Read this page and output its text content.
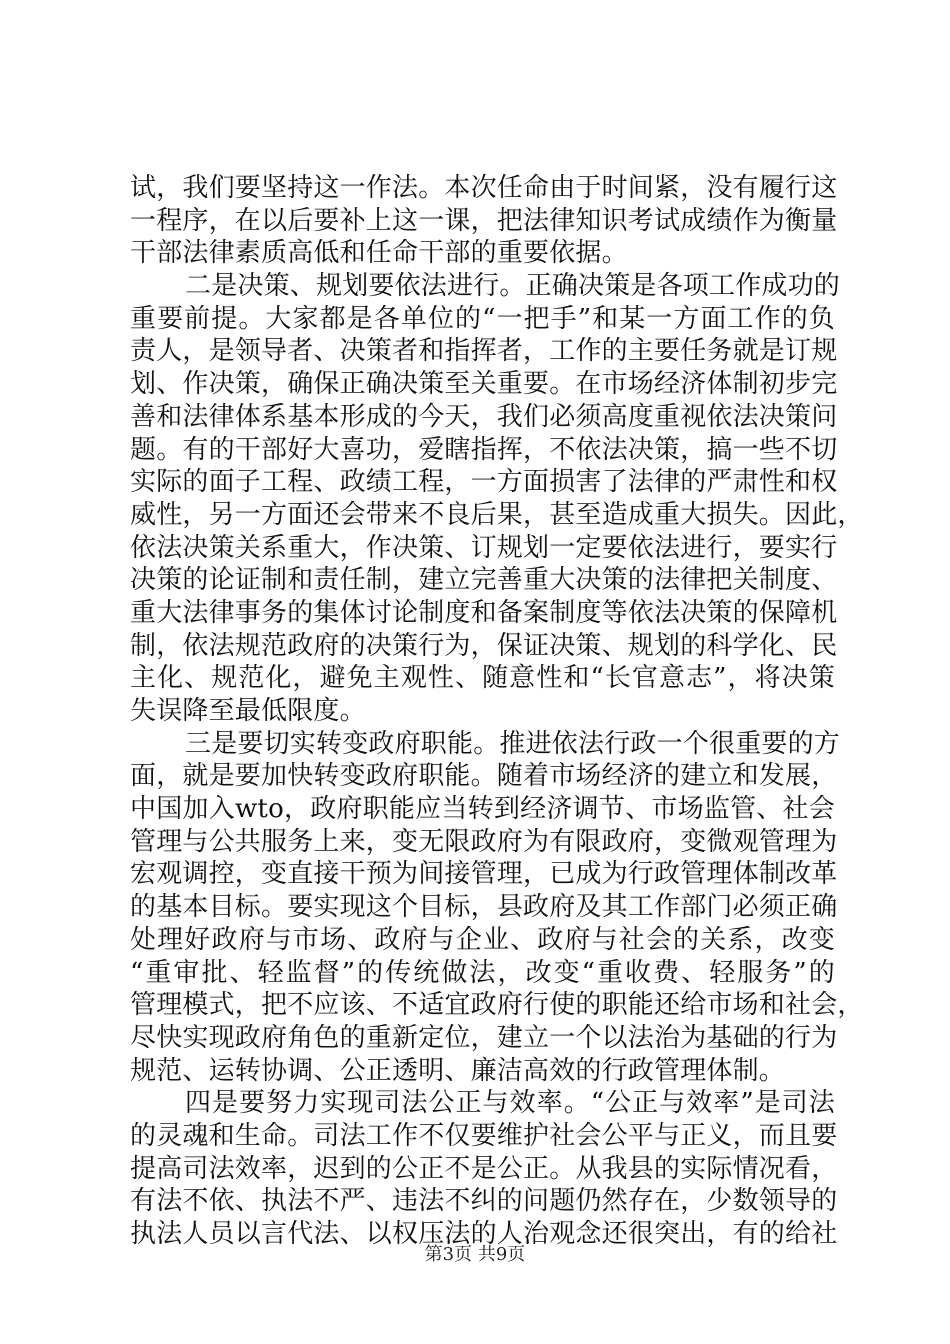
试，我们要坚持这一作法。本次任命由于时间紧，没有履行这
一程序，在以后要补上这一课，把法律知识考试成绩作为衡量
干部法律素质高低和任命干部的重要依据。
二是决策、规划要依法进行。正确决策是各项工作成功的
重要前提。大家都是各单位的“一把手”和某一方面工作的负
责人，是领导者、决策者和指挥者，工作的主要任务就是订规
划、作决策，确保正确决策至关重要。在市场经济体制初步完
善和法律体系基本形成的今天，我们必须高度重视依法决策问
题。有的干部好大喜功，爱瞎指挥，不依法决策，搞一些不切
实际的面子工程、政绩工程，一方面损害了法律的严肃性和权
威性，另一方面还会带来不良后果，甚至造成重大损失。因此，
依法决策关系重大，作决策、订规划一定要依法进行，要实行
决策的论证制和责任制，建立完善重大决策的法律把关制度、
重大法律事务的集体讨论制度和备案制度等依法决策的保障机
制，依法规范政府的决策行为，保证决策、规划的科学化、民
主化、规范化，避免主观性、随意性和“长官意志”，将决策
失误降至最低限度。
三是要切实转变政府职能。推进依法行政一个很重要的方
面，就是要加快转变政府职能。随着市场经济的建立和发展，
中国加入wto，政府职能应当转到经济调节、市场监管、社会
管理与公共服务上来，变无限政府为有限政府，变微观管理为
宏观调控，变直接干预为间接管理，已成为行政管理体制改革
的基本目标。要实现这个目标，县政府及其工作部门必须正确
处理好政府与市场、政府与企业、政府与社会的关系，改变
“重审批、轻监督”的传统做法，改变“重收费、轻服务”的
管理模式，把不应该、不适宜政府行使的职能还给市场和社会，
尽快实现政府角色的重新定位，建立一个以法治为基础的行为
规范、运转协调、公正透明、廉洁高效的行政管理体制。
四是要努力实现司法公正与效率。“公正与效率”是司法
的灵魂和生命。司法工作不仅要维护社会公平与正义，而且要
提高司法效率，迟到的公正不是公正。从我县的实际情况看，
有法不依、执法不严、违法不纠的问题仍然存在，少数领导的
执法人员以言代法、以权压法的人治观念还很突出，有的给社
第3页 共9页
